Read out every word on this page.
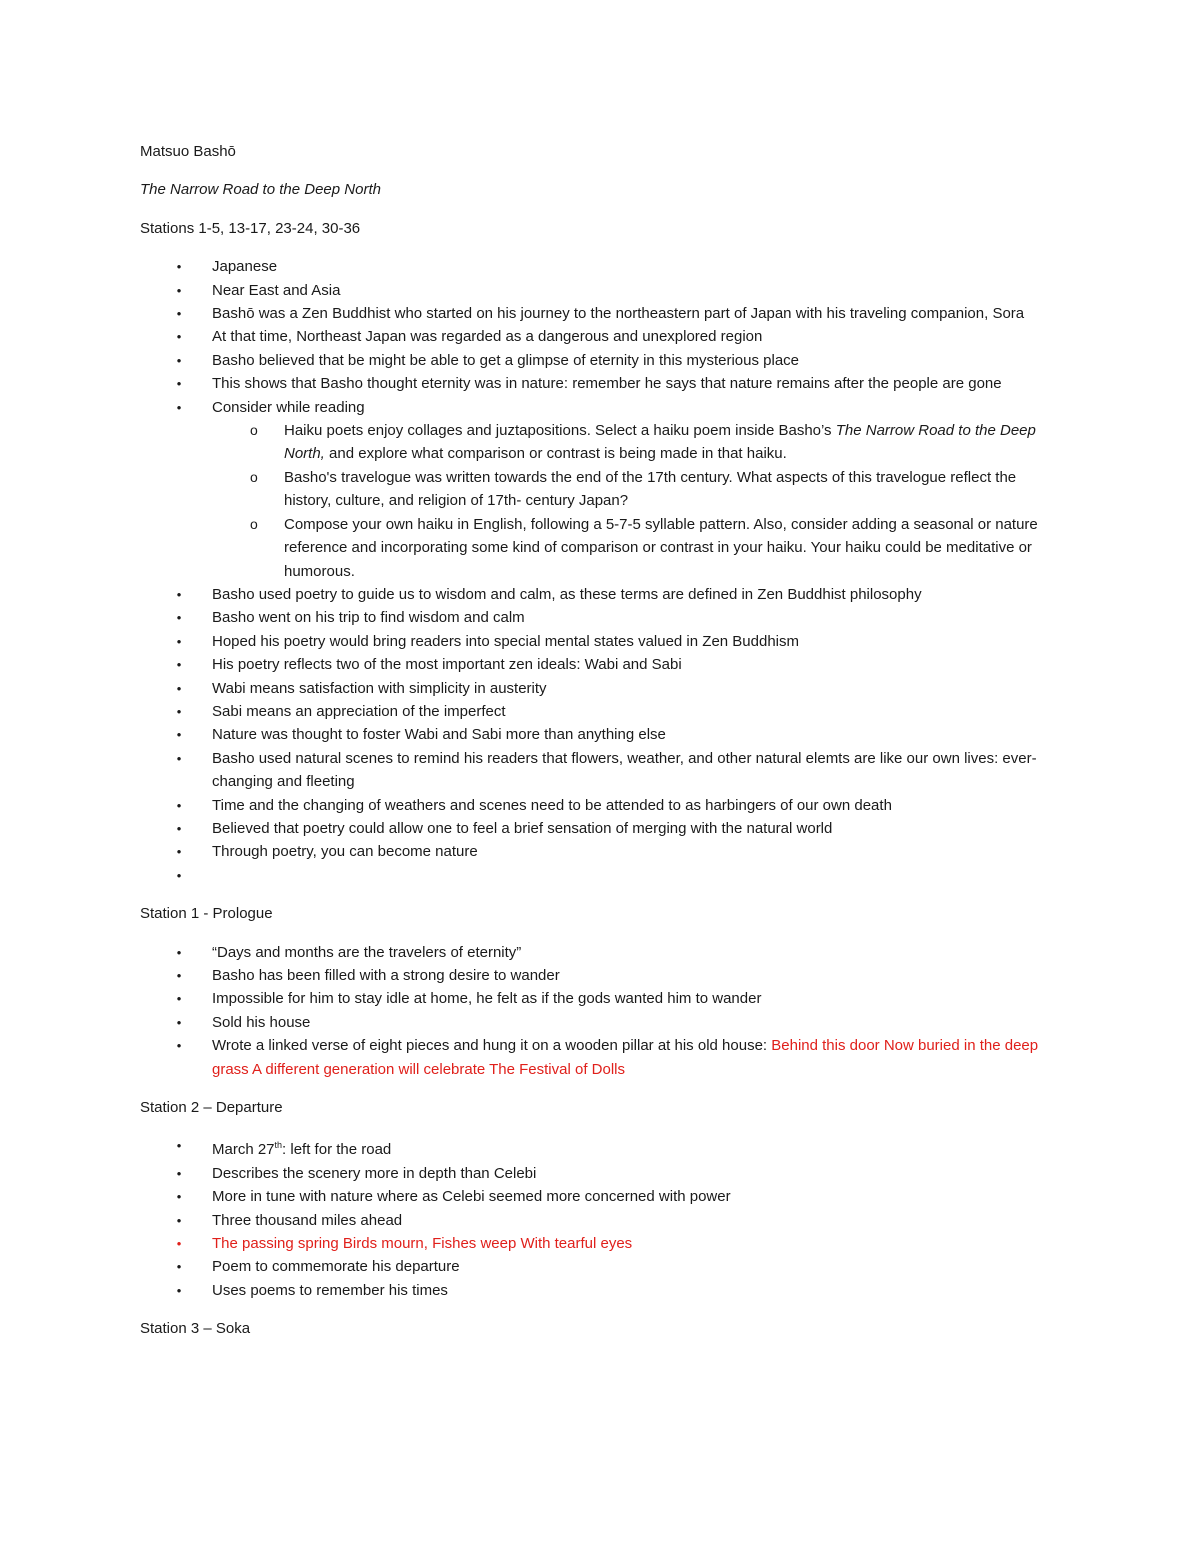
Matsuo Bashō

The Narrow Road to the Deep North

Stations 1-5, 13-17, 23-24, 30-36

• Japanese
• Near East and Asia
• Bashō was a Zen Buddhist who started on his journey to the northeastern part of Japan with his traveling companion, Sora
• At that time, Northeast Japan was regarded as a dangerous and unexplored region
• Basho believed that be might be able to get a glimpse of eternity in this mysterious place
• This shows that Basho thought eternity was in nature: remember he says that nature remains after the people are gone
• Consider while reading
o Haiku poets enjoy collages and juztapositions. Select a haiku poem inside Basho’s The Narrow Road to the Deep North, and explore what comparison or contrast is being made in that haiku.
o Basho's travelogue was written towards the end of the 17th century. What aspects of this travelogue reflect the history, culture, and religion of 17th- century Japan?
o Compose your own haiku in English, following a 5-7-5 syllable pattern. Also, consider adding a seasonal or nature reference and incorporating some kind of comparison or contrast in your haiku. Your haiku could be meditative or humorous.
• Basho used poetry to guide us to wisdom and calm, as these terms are defined in Zen Buddhist philosophy
• Basho went on his trip to find wisdom and calm
• Hoped his poetry would bring readers into special mental states valued in Zen Buddhism
• His poetry reflects two of the most important zen ideals: Wabi and Sabi
• Wabi means satisfaction with simplicity in austerity
• Sabi means an appreciation of the imperfect
• Nature was thought to foster Wabi and Sabi more than anything else
• Basho used natural scenes to remind his readers that flowers, weather, and other natural elemts are like our own lives: ever-changing and fleeting
• Time and the changing of weathers and scenes need to be attended to as harbingers of our own death
• Believed that poetry could allow one to feel a brief sensation of merging with the natural world
• Through poetry, you can become nature
•

Station 1 - Prologue

• “Days and months are the travelers of eternity”
• Basho has been filled with a strong desire to wander
• Impossible for him to stay idle at home, he felt as if the gods wanted him to wander
• Sold his house
• Wrote a linked verse of eight pieces and hung it on a wooden pillar at his old house: Behind this door Now buried in the deep grass A different generation will celebrate The Festival of Dolls

Station 2 – Departure

• March 27th: left for the road
• Describes the scenery more in depth than Celebi
• More in tune with nature where as Celebi seemed more concerned with power
• Three thousand miles ahead
• The passing spring Birds mourn, Fishes weep With tearful eyes
• Poem to commemorate his departure
• Uses poems to remember his times

Station 3 – Soka
